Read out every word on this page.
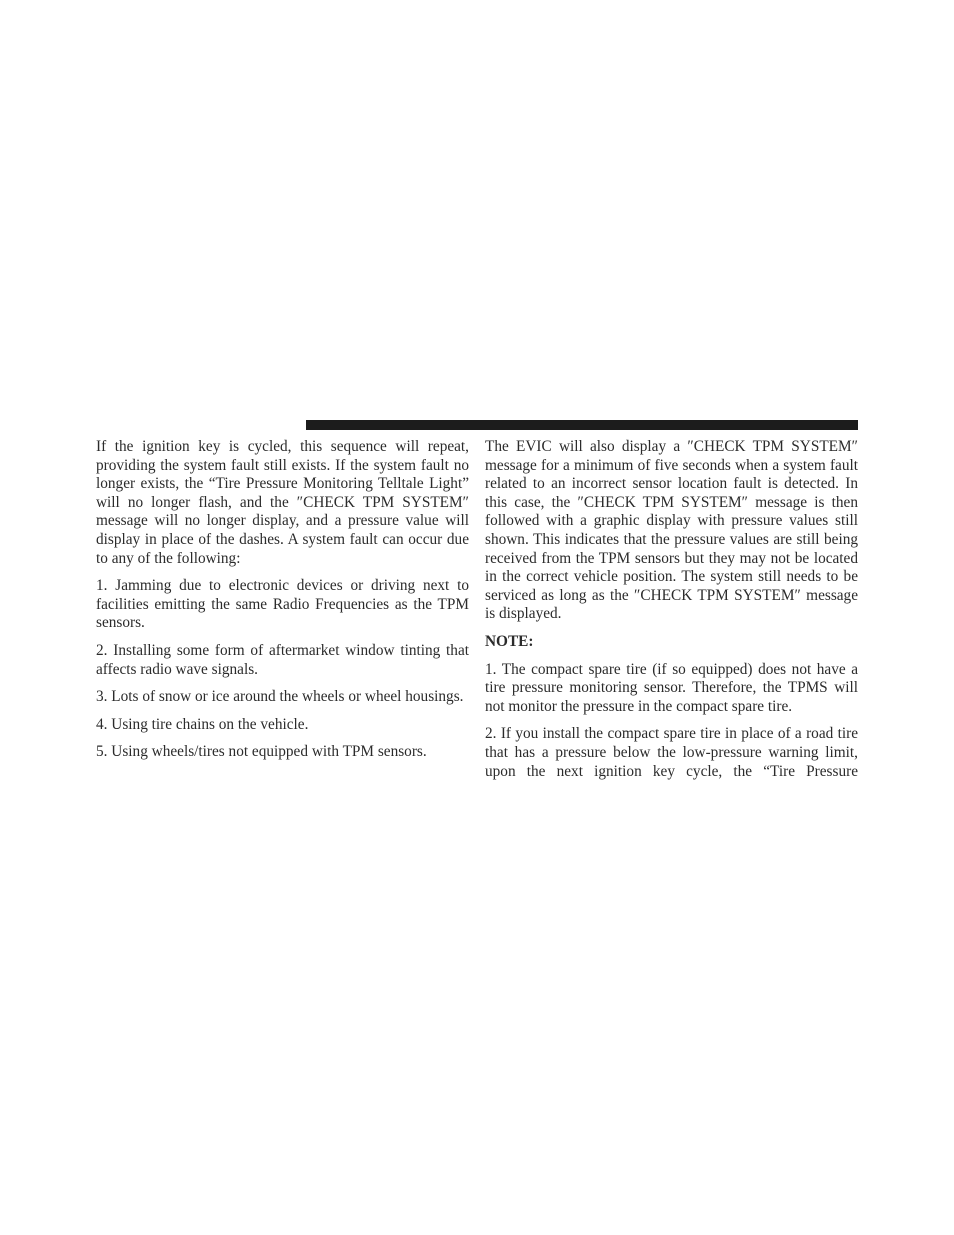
If the ignition key is cycled, this sequence will repeat, providing the system fault still exists. If the system fault no longer exists, the “Tire Pressure Monitoring Telltale Light” will no longer flash, and the ″CHECK TPM SYSTEM″ message will no longer display, and a pressure value will display in place of the dashes. A system fault can occur due to any of the following:

1. Jamming due to electronic devices or driving next to facilities emitting the same Radio Frequencies as the TPM sensors.

2. Installing some form of aftermarket window tinting that affects radio wave signals.

3. Lots of snow or ice around the wheels or wheel housings.

4. Using tire chains on the vehicle.

5. Using wheels/tires not equipped with TPM sensors.

The EVIC will also display a ″CHECK TPM SYSTEM″ message for a minimum of five seconds when a system fault related to an incorrect sensor location fault is detected. In this case, the ″CHECK TPM SYSTEM″ message is then followed with a graphic display with pressure values still shown. This indicates that the pressure values are still being received from the TPM sensors but they may not be located in the correct vehicle position. The system still needs to be serviced as long as the ″CHECK TPM SYSTEM″ message is displayed.

NOTE:

1. The compact spare tire (if so equipped) does not have a tire pressure monitoring sensor. Therefore, the TPMS will not monitor the pressure in the compact spare tire.

2. If you install the compact spare tire in place of a road tire that has a pressure below the low-pressure warning limit, upon the next ignition key cycle, the “Tire Pressure
